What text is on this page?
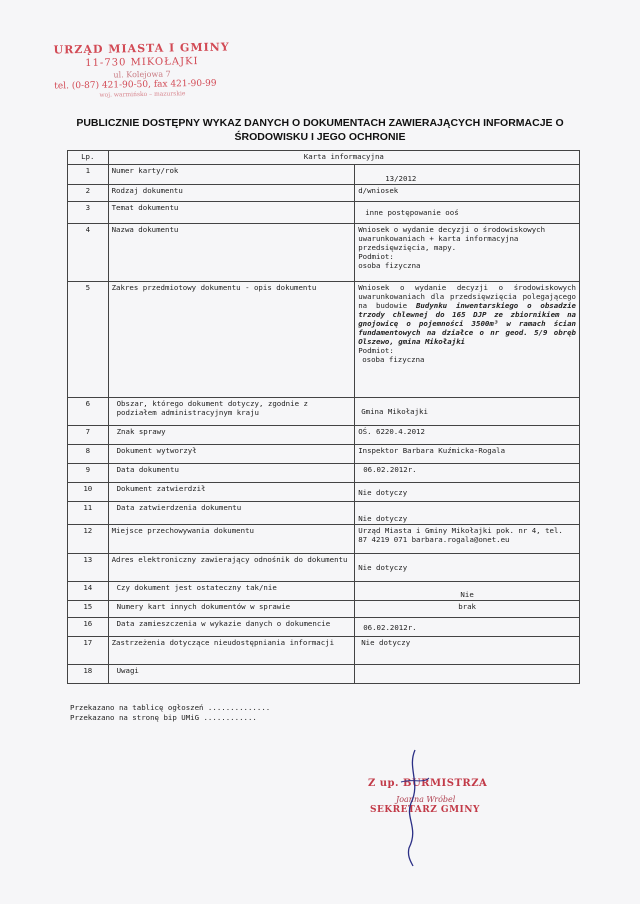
URZĄD MIASTA I GMINY
11-730 MIKOŁAJKI
ul. Kolejowa 7
tel. (0-87) 421-90-50, fax 421-90-99
woj. warmińsko – mazurskie
PUBLICZNIE DOSTĘPNY WYKAZ DANYCH O DOKUMENTACH ZAWIERAJĄCYCH INFORMACJE O ŚRODOWISKU I JEGO OCHRONIE
Lp.	Karta informacyjna	
1	Numer karty/rok	13/2012
2	Rodzaj dokumentu	d/wniosek
3	Temat dokumentu	inne postępowanie ooś
4	Nazwa dokumentu	Wniosek o wydanie decyzji o środowiskowych uwarunkowaniach + karta informacyjna przedsięwzięcia, mapy.
Podmiot:
osoba fizyczna

5	Zakres przedmiotowy dokumentu - opis dokumentu	Wniosek o wydanie decyzji o środowiskowych uwarunkowaniach dla przedsięwzięcia polegającego na budowie Budynku inwentarskiego o obsadzie trzody chlewnej do 165 DJP ze zbiornikiem na gnojowicę o pojemności 3500m³ w ramach ścian fundamentowych na działce o nr geod. 5/9 obręb Olszewo, gmina Mikołajki
Podmiot:
osoba fizyczna

6	Obszar, którego dokument dotyczy, zgodnie z podziałem administracyjnym kraju	Gmina Mikołajki
7	Znak sprawy	OŚ. 6220.4.2012
8	Dokument wytworzył	Inspektor Barbara Kuźmicka-Rogala
9	Data dokumentu	06.02.2012r.
10	Dokument zatwierdził	Nie dotyczy
11	Data zatwierdzenia dokumentu	Nie dotyczy
12	Miejsce przechowywania dokumentu	Urząd Miasta i Gminy Mikołajki pok. nr 4, tel. 87 4219 071 barbara.rogala@onet.eu
13	Adres elektroniczny zawierający odnośnik do dokumentu	Nie dotyczy
14	Czy dokument jest ostateczny tak/nie	Nie
15	Numery kart innych dokumentów w sprawie	brak
16	Data zamieszczenia w wykazie danych o dokumencie	06.02.2012r.
17	Zastrzeżenia dotyczące nieudostępniania informacji	Nie dotyczy
18	Uwagi	
Przekazano na tablicę ogłoszeń ..............
Przekazano na stronę bip UMiG ............
Z up. BURMISTRZA
Joanna Wróbel
SEKRETARZ GMINY
